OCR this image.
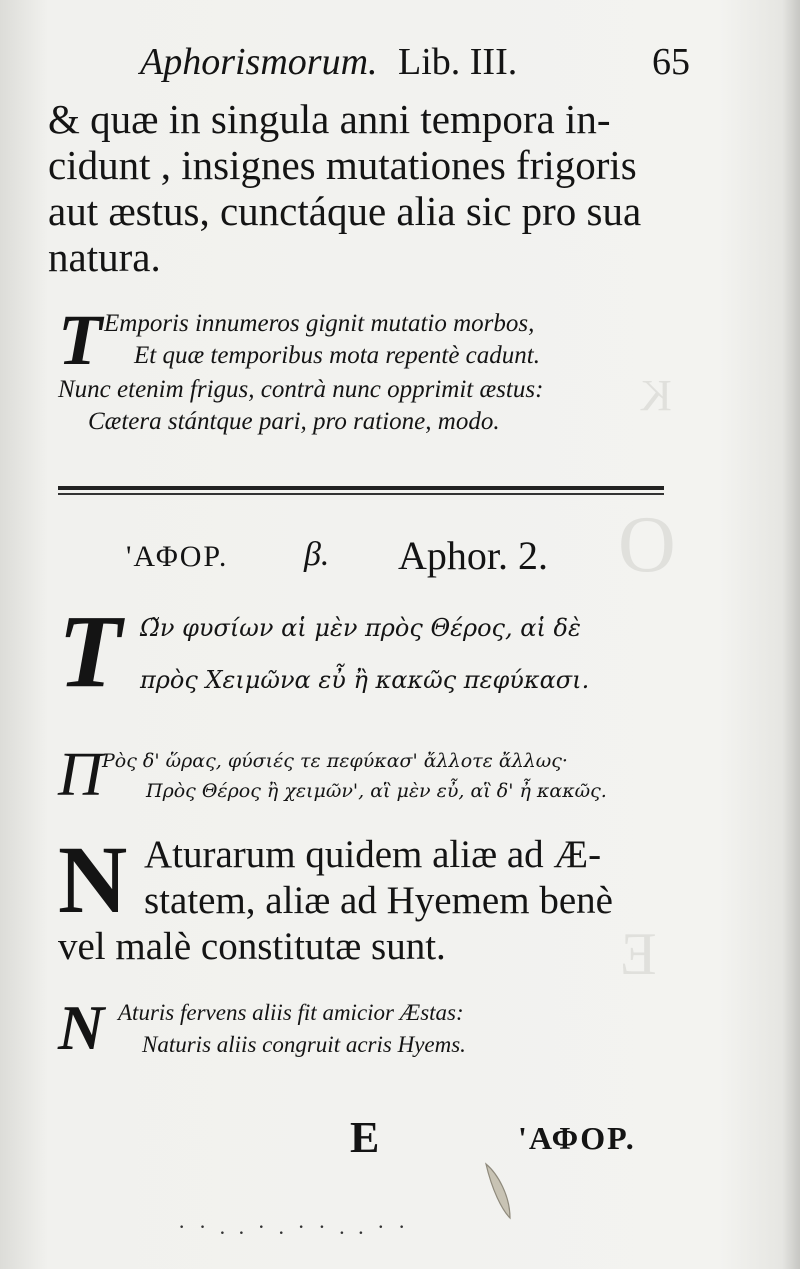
K
O
E
Aphorismorum. Lib. III.	65
& quæ in singula anni tempora in-
cidunt , insignes mutationes frigoris
aut æstus, cunctáque alia sic pro sua
natura.
T Emporis innumeros gignit mutatio morbos,
Et quæ temporibus mota repentè cadunt.
Nunc etenim frigus, contrà nunc opprimit æstus:
Cætera stántque pari, pro ratione, modo.
'ΑΦΟΡ. β. Aphor. 2.
T Ω̃ν φυσίων αἱ μὲν πρὸς Θέρος, αἱ δὲ
πρὸς Χειμῶνα εὖ ἢ κακῶς πεφύκασι.
Π Ρὸς δ' ὥρας, φύσιές τε πεφύκασ' ἄλλοτε ἄλλως·
Πρὸς Θέρος ἢ χειμῶν', αἳ μὲν εὖ, αἳ δ' ἦ κακῶς.
N Aturarum quidem aliæ ad Æ-
statem, aliæ ad Hyemem benè
vel malè constitutæ sunt.
N Aturis fervens aliis fit amicior Æstas:
Naturis aliis congruit acris Hyems.
E	'ΑΦΟΡ.
· · . . · . · · . . · ·
